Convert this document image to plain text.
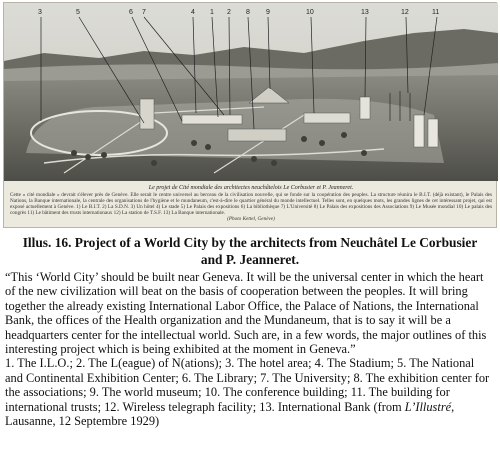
3	5	6 7	4 1 2 8 9	10	13	12	11
Le projet de Cité mondiale des architectes neuchâtelois Le Corbusier et P. Jeanneret.
Cette « cité mondiale » devrait s'élever près de Genève. Elle serait le centre universel au berceau de la civilisation nouvelle, qui se fonde sur la coopération des peuples. La structure réunira le B.I.T. (déjà existant), le Palais des Nations, la Banque internationale, la centrale des organisations de l'hygiène et le mundaneum, c'est-à-dire le quartier général du monde intellectuel. Telles sont, en quelques mots, les grandes lignes de cet intéressant projet, qui est exposé actuellement à Genève. 1) Le B.I.T. 2) La S.D.N. 3) Un hôtel 4) Le stade 5) Le Palais des expositions 6) La bibliothèque 7) L'Université 8) Le Palais des expositions des Associations 9) Le Musée mondial 10) Le palais des congrès 11) Le bâtiment des trusts internationaux 12) La station de T.S.F. 13) La Banque internationale.
(Photo Kettel, Genève)
Illus. 16. Project of a World City by the architects from Neuchâtel Le Corbusier and P. Jeanneret.

“This ‘World City’ should be built near Geneva. It will be the universal center in which the heart of the new civilization will beat on the basis of cooperation between the peoples. It will bring together the already existing International Labor Office, the Palace of Nations, the International Bank, the offices of the Health organization and the Mundaneum, that is to say it will be a headquarters center for the intellectual world. Such are, in a few words, the major outlines of this interesting project which is being exhibited at the moment in Geneva.”

1. The I.L.O.; 2. The L(eague) of N(ations); 3. The hotel area; 4. The Stadium; 5. The National and Continental Exhibition Center; 6. The Library; 7. The University; 8. The exhibition center for the associations; 9. The world museum; 10. The conference building; 11. The building for international trusts; 12. Wireless telegraph facility; 13. International Bank (from L’Illustré, Lausanne, 12 Septembre 1929)
